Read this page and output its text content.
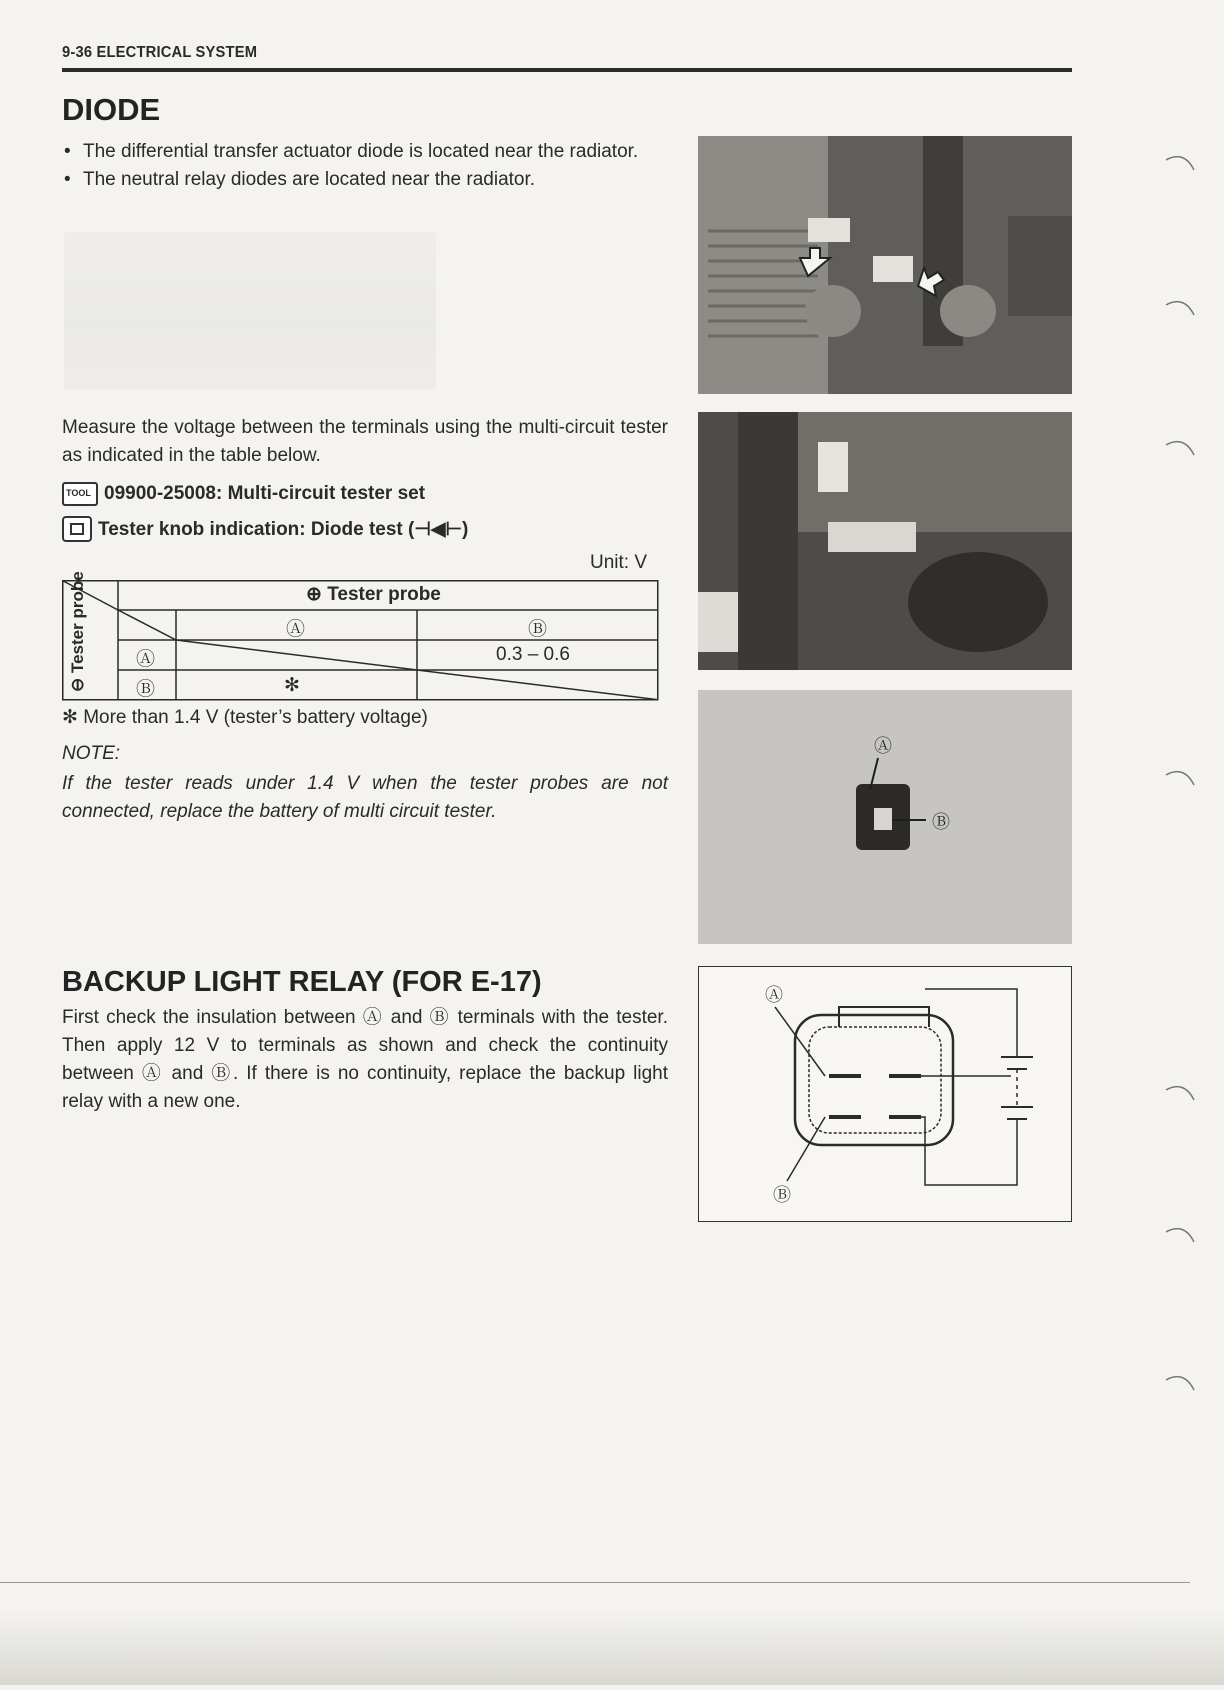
9-36 ELECTRICAL SYSTEM
DIODE
• The differential transfer actuator diode is located near the radiator.
• The neutral relay diodes are located near the radiator.
Measure the voltage between the terminals using the multi-circuit tester as indicated in the table below.
TOOL
09900-25008: Multi-circuit tester set
Tester knob indication: Diode test (⊣◀⊢)
Unit: V
⊕ Tester probe
Ⓐ	Ⓑ
⊖ Tester probe	Ⓐ
Ⓑ
0.3 – 0.6
✻
✻ More than 1.4 V (tester’s battery voltage)
NOTE:
If the tester reads under 1.4 V when the tester probes are not connected, replace the battery of multi circuit tester.
Ⓐ
Ⓑ
BACKUP LIGHT RELAY (FOR E-17)
First check the insulation between Ⓐ and Ⓑ terminals with the tester. Then apply 12 V to terminals as shown and check the continuity between Ⓐ and Ⓑ. If there is no continuity, replace the backup light relay with a new one.
Ⓐ
Ⓑ
